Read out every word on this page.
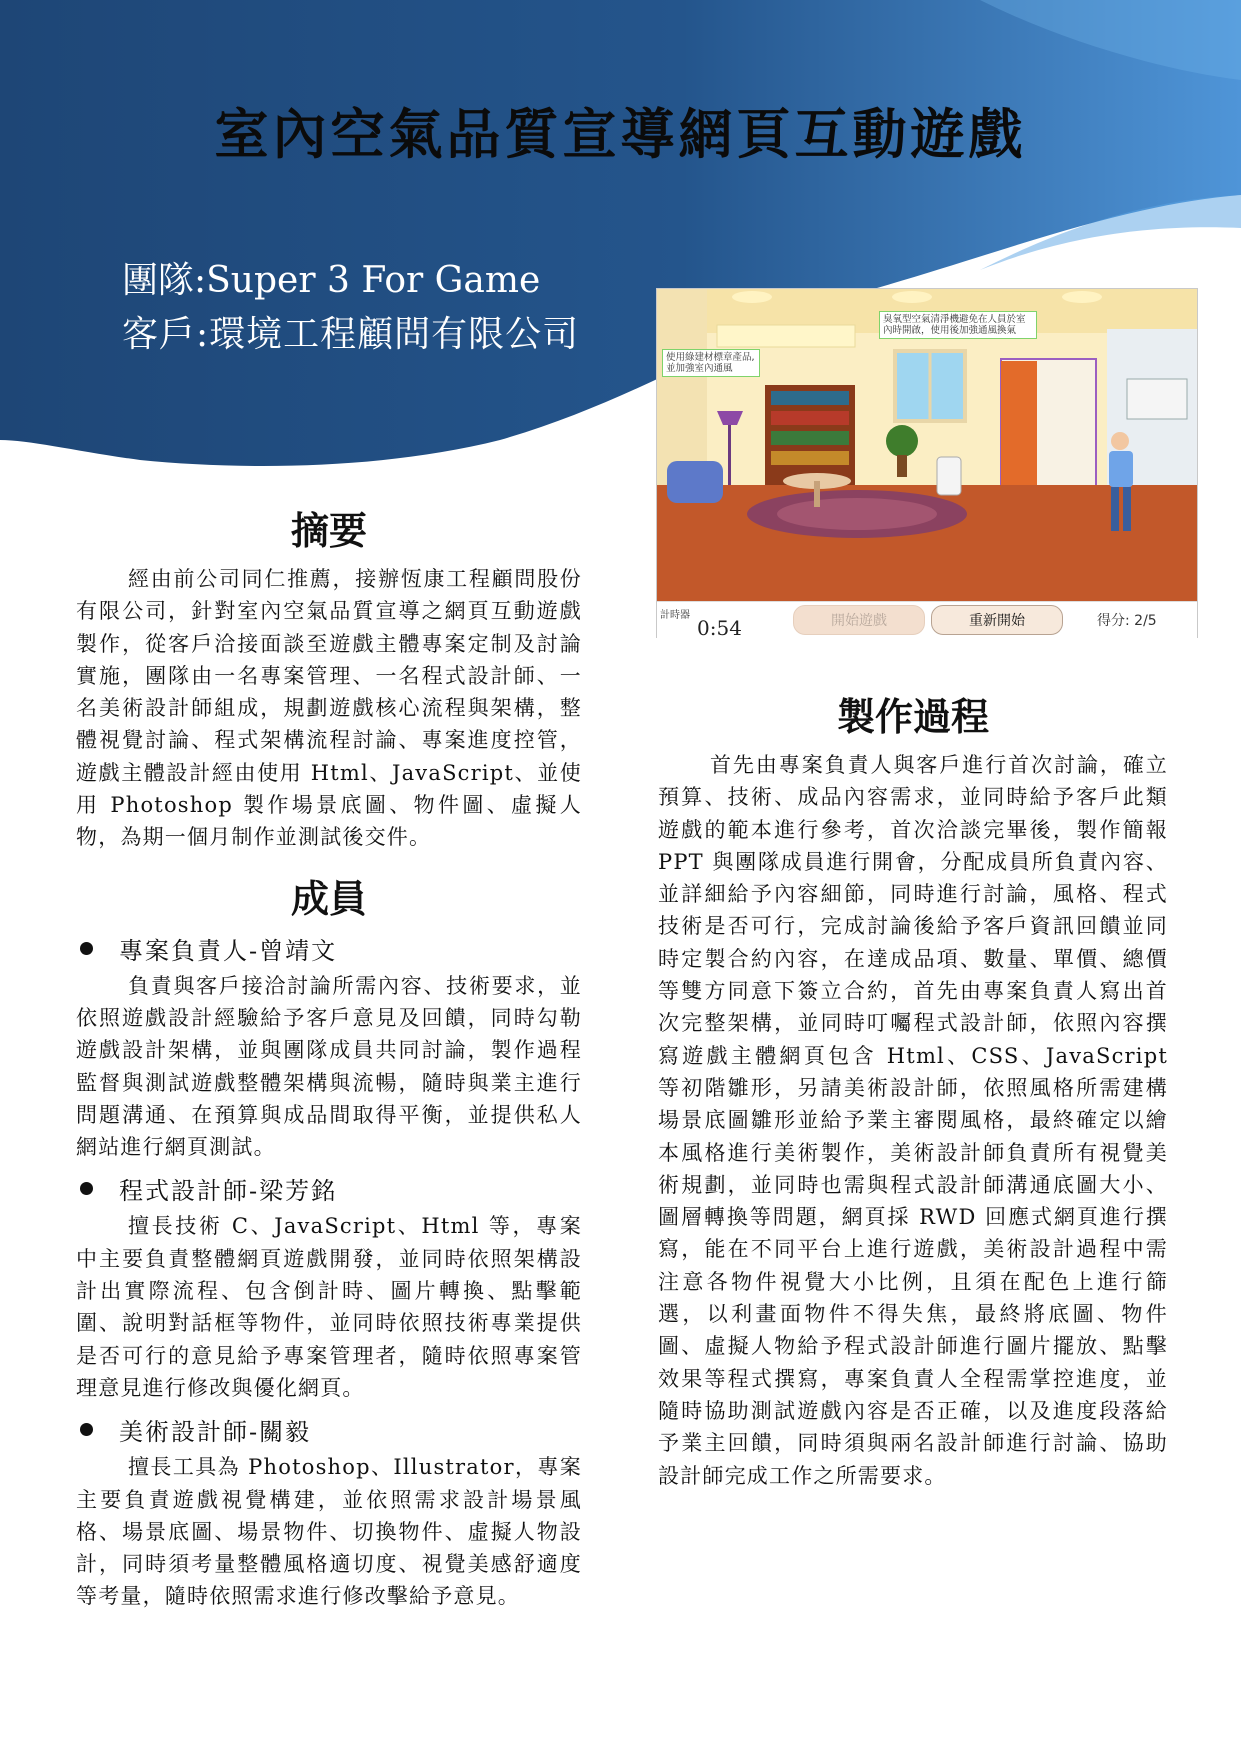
室內空氣品質宣導網頁互動遊戲
團隊:Super 3 For Game
客戶:環境工程顧問有限公司
摘要

經由前公司同仁推薦，接辦恆康工程顧問股份有限公司，針對室內空氣品質宣導之網頁互動遊戲製作，從客戶洽接面談至遊戲主體專案定制及討論實施，團隊由一名專案管理、一名程式設計師、一名美術設計師組成，規劃遊戲核心流程與架構，整體視覺討論、程式架構流程討論、專案進度控管，遊戲主體設計經由使用 Html、JavaScript、並使用 Photoshop 製作場景底圖、物件圖、虛擬人物，為期一個月制作並測試後交件。

成員
專案負責人-曾靖文

負責與客戶接洽討論所需內容、技術要求，並依照遊戲設計經驗給予客戶意見及回饋，同時勾勒遊戲設計架構，並與團隊成員共同討論，製作過程監督與測試遊戲整體架構與流暢，隨時與業主進行問題溝通、在預算與成品間取得平衡，並提供私人網站進行網頁測試。

程式設計師-梁芳銘

擅長技術 C、JavaScript、Html 等，專案中主要負責整體網頁遊戲開發，並同時依照架構設計出實際流程、包含倒計時、圖片轉換、點擊範圍、說明對話框等物件，並同時依照技術專業提供是否可行的意見給予專案管理者，隨時依照專案管理意見進行修改與優化網頁。

美術設計師-關毅

擅長工具為 Photoshop、Illustrator，專案主要負責遊戲視覺構建，並依照需求設計場景風格、場景底圖、場景物件、切換物件、虛擬人物設計，同時須考量整體風格適切度、視覺美感舒適度等考量，隨時依照需求進行修改擊給予意見。

使用綠建材標章產品,並加強室內通風
臭氧型空氣清淨機避免在人員於室內時開啟，使用後加強通風換氣
計時器
0:54	開始遊戲	重新開始	得分: 2/5
製作過程

首先由專案負責人與客戶進行首次討論，確立預算、技術、成品內容需求，並同時給予客戶此類遊戲的範本進行參考，首次洽談完畢後，製作簡報 PPT 與團隊成員進行開會，分配成員所負責內容、並詳細給予內容細節，同時進行討論，風格、程式技術是否可行，完成討論後給予客戶資訊回饋並同時定製合約內容，在達成品項、數量、單價、總價等雙方同意下簽立合約，首先由專案負責人寫出首次完整架構，並同時叮囑程式設計師，依照內容撰寫遊戲主體網頁包含 Html、CSS、JavaScript 等初階雛形，另請美術設計師，依照風格所需建構場景底圖雛形並給予業主審閱風格，最終確定以繪本風格進行美術製作，美術設計師負責所有視覺美術規劃，並同時也需與程式設計師溝通底圖大小、圖層轉換等問題，網頁採 RWD 回應式網頁進行撰寫，能在不同平台上進行遊戲，美術設計過程中需注意各物件視覺大小比例，且須在配色上進行篩選，以利畫面物件不得失焦，最終將底圖、物件圖、虛擬人物給予程式設計師進行圖片擺放、點擊效果等程式撰寫，專案負責人全程需掌控進度，並隨時協助測試遊戲內容是否正確，以及進度段落給予業主回饋，同時須與兩名設計師進行討論、協助設計師完成工作之所需要求。
